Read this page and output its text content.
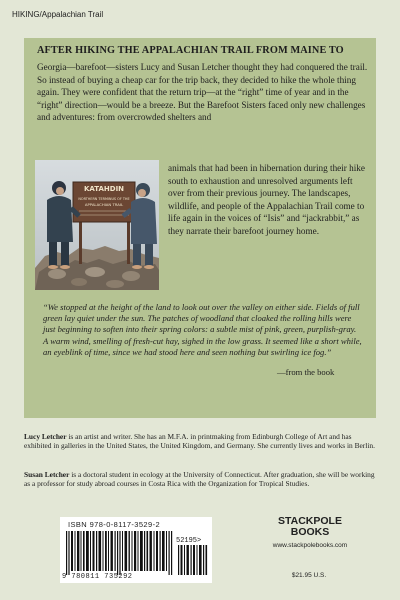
HIKING/Appalachian Trail
AFTER HIKING THE APPALACHIAN TRAIL FROM MAINE TO

Georgia—barefoot—sisters Lucy and Susan Letcher thought they had conquered the trail. So instead of buying a cheap car for the trip back, they decided to hike the whole thing again. They were confident that the return trip—at the “right” time of year and in the “right” direction—would be a breeze. But the Barefoot Sisters faced only new challenges and adventures: from overcrowded shelters and

animals that had been in hibernation during their hike south to exhaustion and unresolved arguments left over from their previous journey. The landscapes, wildlife, and people of the Appalachian Trail come to life again in the voices of “Isis” and “jackrabbit,” as they narrate their barefoot journey home.

KATAHDIN
NORTHERN TERMINUS OF THE
APPALACHIAN TRAIL

“We stopped at the height of the land to look out over the valley on either side. Fields of full green lay quiet under the sun. The patches of woodland that cloaked the rolling hills were just beginning to soften into their spring colors: a subtle mist of pink, green, purplish-gray. A warm wind, smelling of fresh-cut hay, sighed in the low grass. It seemed like a short while, an eyeblink of time, since we had stood here and seen nothing but swirling ice fog.”

—from the book

Lucy Letcher is an artist and writer. She has an M.F.A. in printmaking from Edinburgh College of Art and has exhibited in galleries in the United States, the United Kingdom, and Germany. She currently lives and works in Berlin.

Susan Letcher is a doctoral student in ecology at the University of Connecticut. After graduation, she will be working as a professor for study abroad courses in Costa Rica with the Organization for Tropical Studies.

ISBN 978-0-8117-3529-2
52195>
9 780811 735292
STACKPOLE
BOOKS
www.stackpolebooks.com
$21.95 U.S.
